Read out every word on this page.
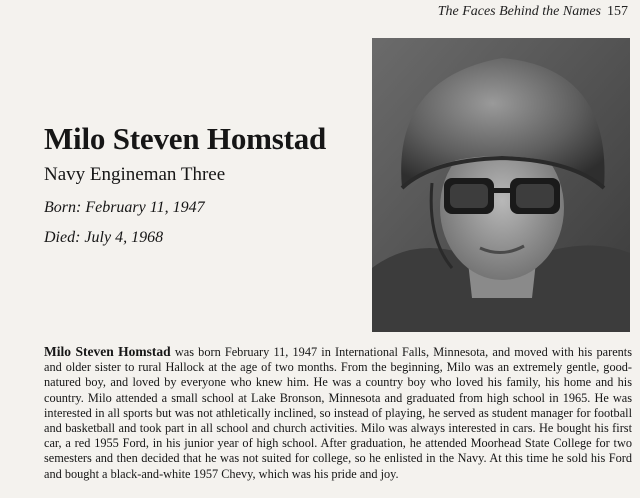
The Faces Behind the Names 157
Milo Steven Homstad
Navy Engineman Three
Born: February 11, 1947
Died: July 4, 1968

Milo Steven Homstad was born February 11, 1947 in International Falls, Minnesota, and moved with his parents and older sister to rural Hallock at the age of two months. From the beginning, Milo was an extremely gentle, good-natured boy, and loved by everyone who knew him. He was a country boy who loved his family, his home and his country. Milo attended a small school at Lake Bronson, Minnesota and graduated from high school in 1965. He was interested in all sports but was not athletically inclined, so instead of playing, he served as student manager for football and basketball and took part in all school and church activities. Milo was always interested in cars. He bought his first car, a red 1955 Ford, in his junior year of high school. After graduation, he attended Moorhead State College for two semesters and then decided that he was not suited for college, so he enlisted in the Navy. At this time he sold his Ford and bought a black-and-white 1957 Chevy, which was his pride and joy.
